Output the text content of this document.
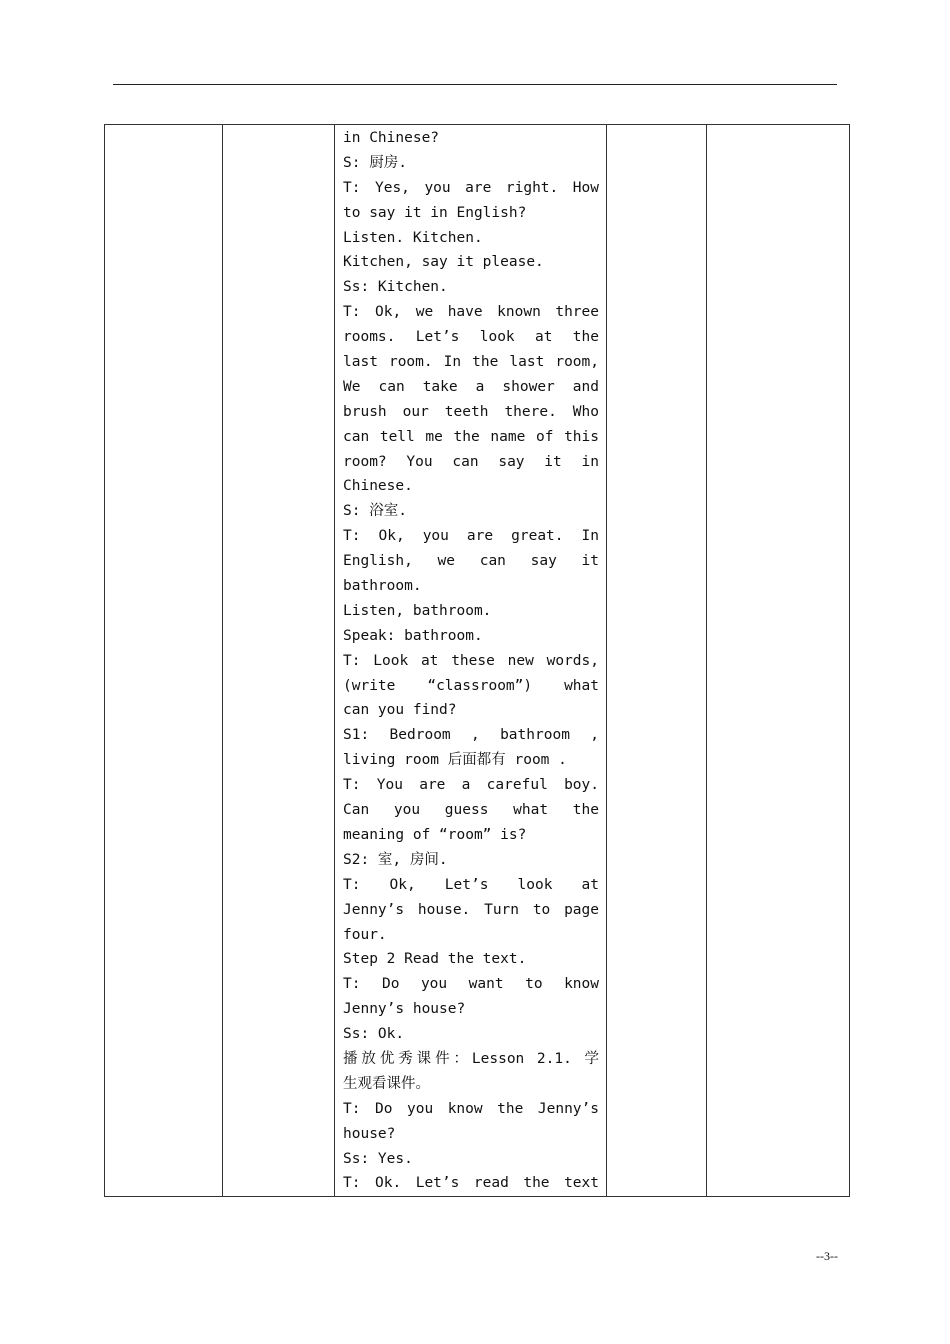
in Chinese?
S: 厨房.
T: Yes, you are right. How
to say it in English?
Listen. Kitchen.
Kitchen, say it please.
Ss: Kitchen.
T: Ok, we have known three
rooms. Let’s look at the
last room. In the last room,
We can take a shower and
brush our teeth there. Who
can tell me the name of this
room? You can say it in
Chinese.
S: 浴室.
T: Ok, you are great. In
English, we can say it
bathroom.
Listen, bathroom.
Speak: bathroom.
T: Look at these new words,
(write “classroom”) what
can you find?
S1: Bedroom , bathroom ,
living room 后面都有 room .
T: You are a careful boy.
Can you guess what the
meaning of “room” is?
S2: 室, 房间.
T: Ok, Let’s look at
Jenny’s house. Turn to page
four.
Step 2 Read the text.
T: Do you want to know
Jenny’s house?
Ss: Ok.
播放优秀课件：Lesson 2.1. 学
生观看课件。
T: Do you know the Jenny’s
house?
Ss: Yes.
T: Ok. Let’s read the text

--3--
